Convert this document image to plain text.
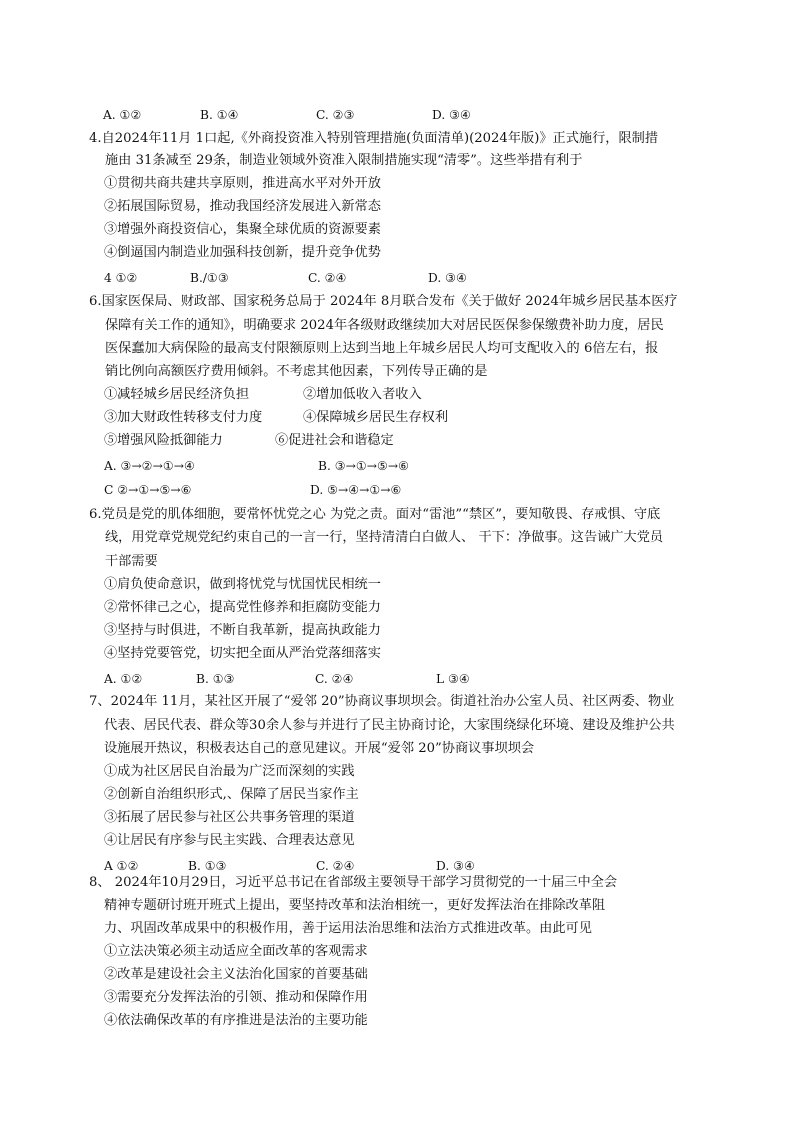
A. ①②	B. ①④	C. ②③	D. ③④
4.自2024年11月 1口起,《外商投资准入特别管理措施(负面清单)(2024年版)》正式施行，限制措
施由 31条减至 29条，制造业领域外资准入限制措施实现“清零”。这些举措有利于
①贯彻共商共建共享原则，推进高水平对外开放
②拓展国际贸易，推动我国经济发展进入新常态
③增强外商投资信心，集聚全球优质的资源要素
④倒逼国内制造业加强科技创新，提升竞争优势
4 ①②	B./①③	C. ②④	D. ③④
6.国家医保局、财政部、国家税务总局于 2024年 8月联合发布《关于做好 2024年城乡居民基本医疗
保障有关工作的通知》，明确要求 2024年各级财政继续加大对居民医保参保缴费补助力度，居民
医保蠢加大病保险的最高支付限额原则上达到当地上年城乡居民人均可支配收入的 6倍左右，报
销比例向高额医疗费用倾斜。不考虑其他因素，下列传导正确的是
①减轻城乡居民经济负担	②增加低收入者收入
③加大财政性转移支付力度	④保障城乡居民生存权利
⑤增强风险抵御能力	⑥促进社会和谐稳定
A. ③→②→①→④	B. ③→①→⑤→⑥
C ②→①→⑤→⑥	D. ⑤→④→①→⑥
6.党员是党的肌体细胞，要常怀忧党之心 为党之责。面对“雷池”“禁区”，要知敬畏、存戒惧、守底
线，用党章党规党纪约束自己的一言一行，坚持清清白白做人、 干下：净做事。这告诫广大党员
干部需要
①肩负使命意识，做到将忧党与忧国忧民相统一
②常怀律己之心，提高党性修养和拒腐防变能力
③坚持与时俱进，不断自我革新，提高执政能力
④坚持党要管党，切实把全面从严治党落细落实
A. ①②	B. ①③	C. ②④	L ③④
7、2024年 11月，某社区开展了“爱邻 20”协商议事坝坝会。街道社治办公室人员、社区两委、物业
代表、居民代表、群众等30余人参与并进行了民主协商讨论，大家围绕绿化环境、建设及维护公共
设施展开热议，积极表达自己的意见建议。开展“爱邻 20”协商议事坝坝会
①成为社区居民自治最为广泛而深刻的实践
②创新自治组织形式,、保障了居民当家作主
③拓展了居民参与社区公共事务管理的渠道
④让居民有序参与民主实践、合理表达意见
A ①②	B. ①③	C. ②④	D. ③④
8、 2024年10月29日，习近平总书记在省部级主要领导干部学习贯彻党的一十届三中全会
精神专题研讨班开班式上提出，要坚持改革和法治相统一，更好发挥法治在排除改革阻
力、巩固改革成果中的积极作用，善于运用法治思维和法治方式推进改革。由此可见
①立法决策必须主动适应全面改革的客观需求
②改革是建设社会主义法治化国家的首要基础
③需要充分发挥法治的引领、推动和保障作用
④依法确保改革的有序推进是法治的主要功能
